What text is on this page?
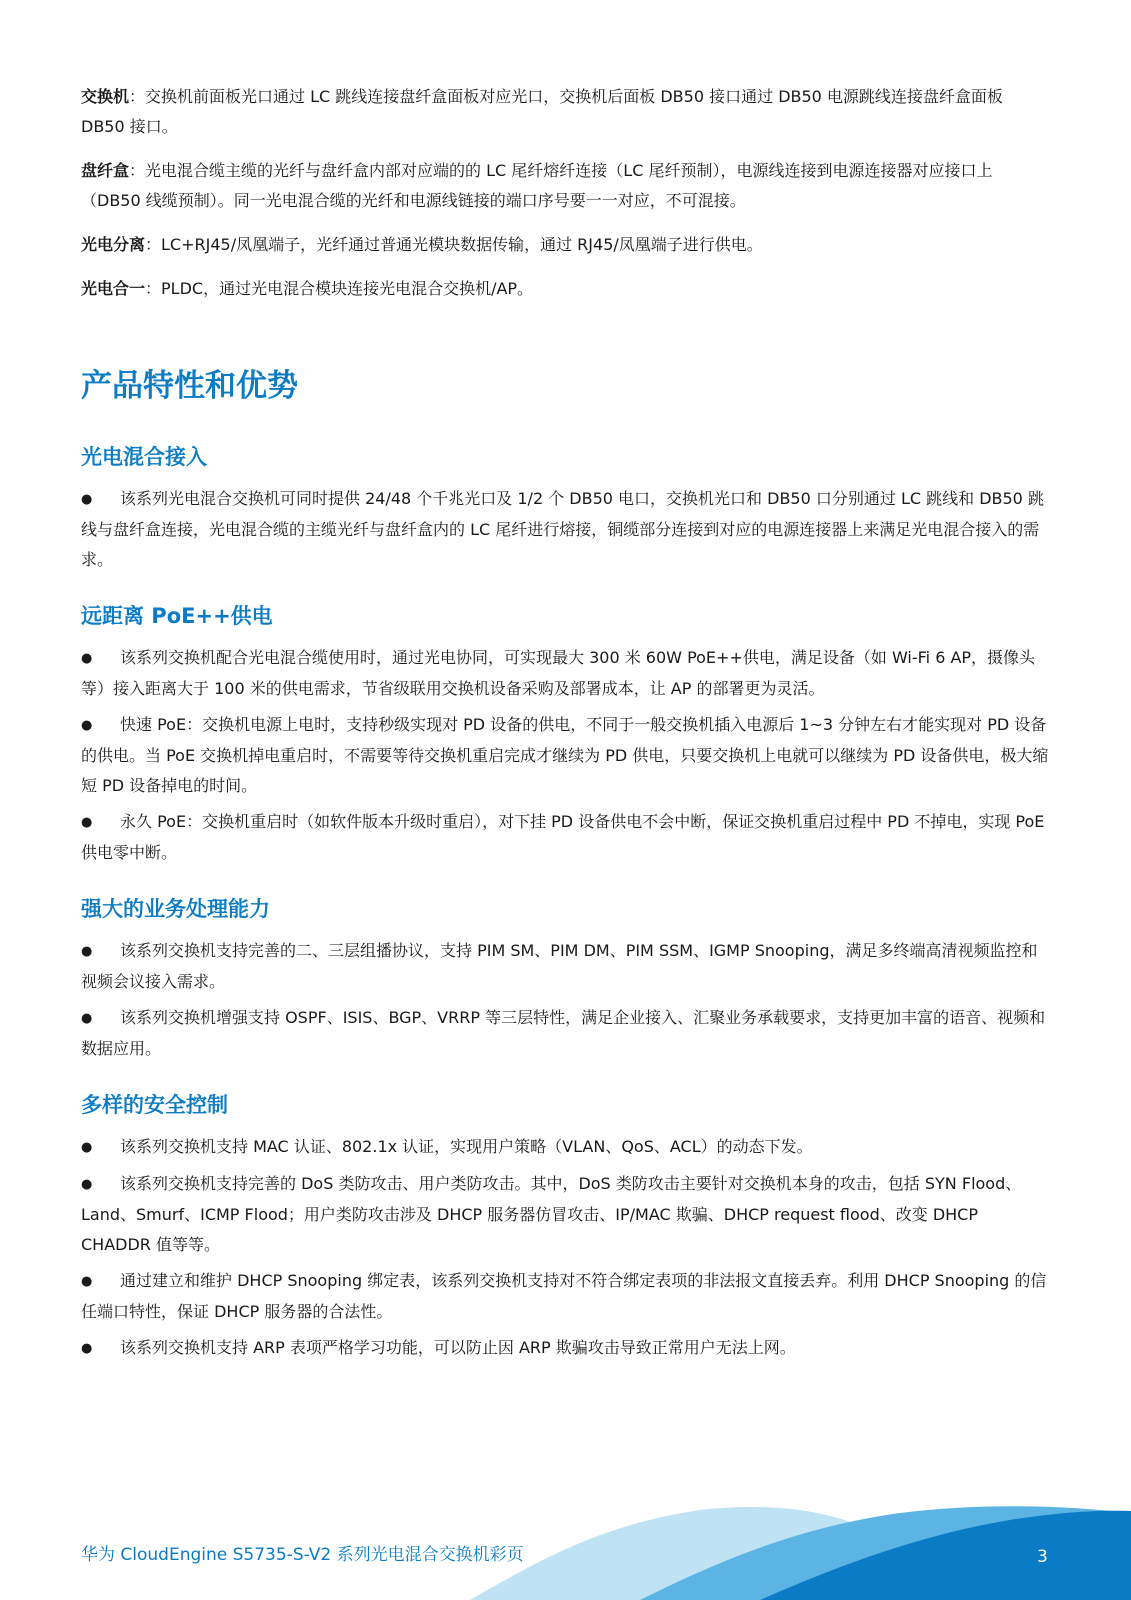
交换机：交换机前面板光口通过 LC 跳线连接盘纤盒面板对应光口，交换机后面板 DB50 接口通过 DB50 电源跳线连接盘纤盒面板 DB50 接口。

盘纤盒：光电混合缆主缆的光纤与盘纤盒内部对应端的的 LC 尾纤熔纤连接（LC 尾纤预制），电源线连接到电源连接器对应接口上（DB50 线缆预制）。同一光电混合缆的光纤和电源线链接的端口序号要一一对应，不可混接。

光电分离：LC+RJ45/凤凰端子，光纤通过普通光模块数据传输，通过 RJ45/凤凰端子进行供电。

光电合一：PLDC，通过光电混合模块连接光电混合交换机/AP。

产品特性和优势
光电混合接入

● 该系列光电混合交换机可同时提供 24/48 个千兆光口及 1/2 个 DB50 电口，交换机光口和 DB50 口分别通过 LC 跳线和 DB50 跳线与盘纤盒连接，光电混合缆的主缆光纤与盘纤盒内的 LC 尾纤进行熔接，铜缆部分连接到对应的电源连接器上来满足光电混合接入的需求。

远距离 PoE++供电

● 该系列交换机配合光电混合缆使用时，通过光电协同，可实现最大 300 米 60W PoE++供电，满足设备（如 Wi-Fi 6 AP，摄像头等）接入距离大于 100 米的供电需求，节省级联用交换机设备采购及部署成本，让 AP 的部署更为灵活。

● 快速 PoE：交换机电源上电时，支持秒级实现对 PD 设备的供电，不同于一般交换机插入电源后 1~3 分钟左右才能实现对 PD 设备的供电。当 PoE 交换机掉电重启时，不需要等待交换机重启完成才继续为 PD 供电，只要交换机上电就可以继续为 PD 设备供电，极大缩短 PD 设备掉电的时间。

● 永久 PoE：交换机重启时（如软件版本升级时重启），对下挂 PD 设备供电不会中断，保证交换机重启过程中 PD 不掉电，实现 PoE 供电零中断。

强大的业务处理能力

● 该系列交换机支持完善的二、三层组播协议，支持 PIM SM、PIM DM、PIM SSM、IGMP Snooping，满足多终端高清视频监控和视频会议接入需求。

● 该系列交换机增强支持 OSPF、ISIS、BGP、VRRP 等三层特性，满足企业接入、汇聚业务承载要求，支持更加丰富的语音、视频和数据应用。

多样的安全控制

● 该系列交换机支持 MAC 认证、802.1x 认证，实现用户策略（VLAN、QoS、ACL）的动态下发。

● 该系列交换机支持完善的 DoS 类防攻击、用户类防攻击。其中，DoS 类防攻击主要针对交换机本身的攻击，包括 SYN Flood、Land、Smurf、ICMP Flood；用户类防攻击涉及 DHCP 服务器仿冒攻击、IP/MAC 欺骗、DHCP request flood、改变 DHCP CHADDR 值等等。

● 通过建立和维护 DHCP Snooping 绑定表，该系列交换机支持对不符合绑定表项的非法报文直接丢弃。利用 DHCP Snooping 的信任端口特性，保证 DHCP 服务器的合法性。

● 该系列交换机支持 ARP 表项严格学习功能，可以防止因 ARP 欺骗攻击导致正常用户无法上网。

华为 CloudEngine S5735-S-V2 系列光电混合交换机彩页	3
